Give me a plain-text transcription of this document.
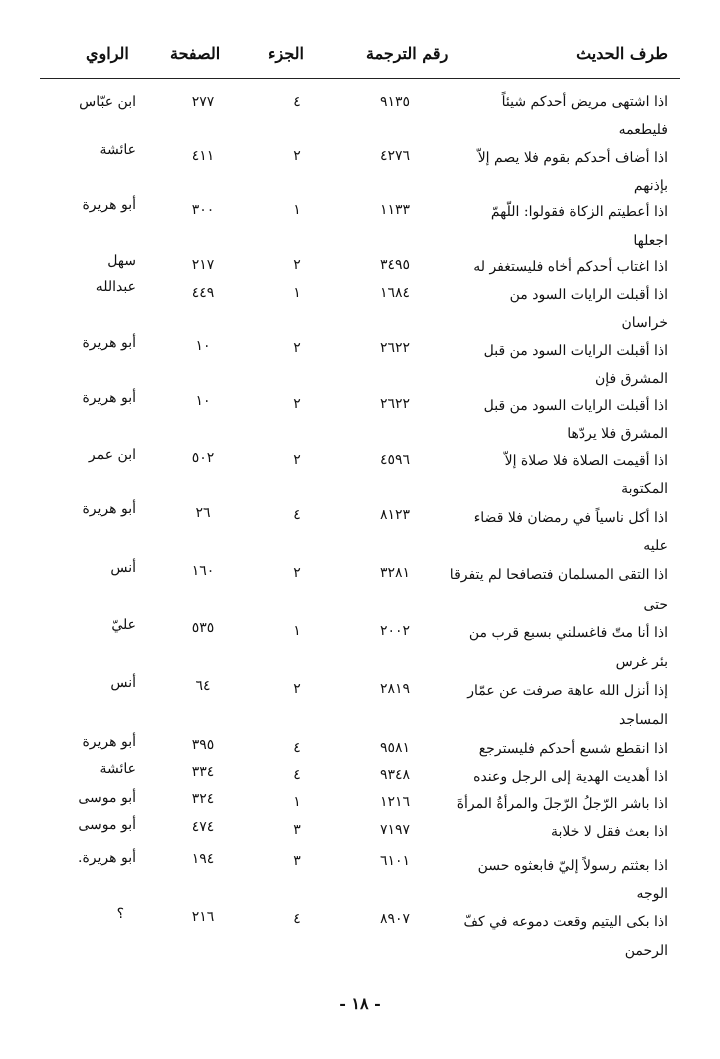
طرف الحديث
رقم الترجمة
الجزء
الصفحة
الراوي
اذا اشتهى مريض أحدكم شيئاً
فليطعمه
٩١٣٥
٤
٢٧٧
ابن عبّاس
اذا أضاف أحدكم بقوم فلا يصم إلاّ
بإذنهم
٤٢٧٦
٢
٤١١
عائشة
اذا أعطيتم الزكاة فقولوا: اللّهمّ
اجعلها
١١٣٣
١
٣٠٠
أبو هريرة
اذا اغتاب أحدكم أخاه فليستغفر له
٣٤٩٥
٢
٢١٧
سهل
اذا أقبلت الرايات السود من
خراسان
١٦٨٤
١
٤٤٩
عبدالله
اذا أقبلت الرايات السود من قبل
المشرق فإن
٢٦٢٢
٢
١٠
أبو هريرة
اذا أقبلت الرايات السود من قبل
المشرق فلا يردّها
٢٦٢٢
٢
١٠
أبو هريرة
اذا أقيمت الصلاة فلا صلاة إلاّ
المكتوبة
٤٥٩٦
٢
٥٠٢
ابن عمر
اذا أكل ناسياً في رمضان فلا قضاء
عليه
٨١٢٣
٤
٢٦
أبو هريرة
اذا التقى المسلمان فتصافحا لم يتفرقا
حتى
٣٢٨١
٢
١٦٠
أنس
اذا أنا متّ فاغسلني بسبع قرب من
بئر غرس
٢٠٠٢
١
٥٣٥
عليّ
إذا أنزل الله عاهة صرفت عن عمّار
المساجد
٢٨١٩
٢
٦٤
أنس
اذا انقطع شسع أحدكم فليسترجع
٩٥٨١
٤
٣٩٥
أبو هريرة
اذا أهديت الهدية إلى الرجل وعنده
٩٣٤٨
٤
٣٣٤
عائشة
اذا باشر الرّجلُ الرّجلَ والمرأةُ المرأةَ
١٢١٦
١
٣٢٤
أبو موسى
اذا بعث فقل لا خلابة
٧١٩٧
٣
٤٧٤
أبو موسى
اذا بعثتم رسولاً إليّ فابعثوه حسن
الوجه
٦١٠١
٣
١٩٤
أبو هريرة.
اذا بكى اليتيم وقعت دموعه في كفّ
الرحمن
٨٩٠٧
٤
٢١٦
؟
- ١٨ -
